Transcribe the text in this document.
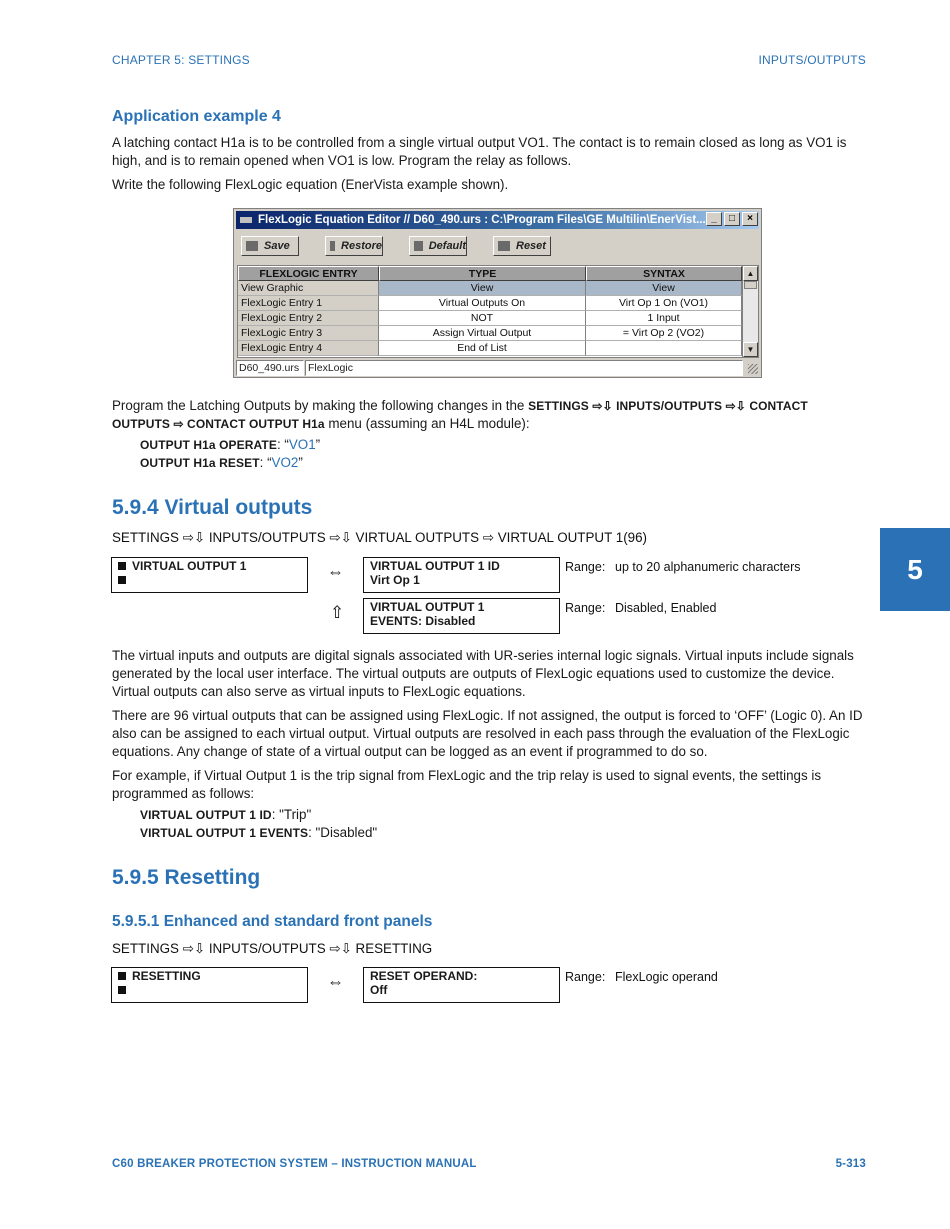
CHAPTER 5: SETTINGS	INPUTS/OUTPUTS
Application example 4
A latching contact H1a is to be controlled from a single virtual output VO1. The contact is to remain closed as long as VO1 is high, and is to remain opened when VO1 is low. Program the relay as follows.
Write the following FlexLogic equation (EnerVista example shown).
FlexLogic Equation Editor // D60_490.urs : C:\Program Files\GE Multilin\EnerVist... _	□	×
Save	Restore	Default	Reset
FLEXLOGIC ENTRY	TYPE	SYNTAX
View Graphic	View	View
FlexLogic Entry 1	Virtual Outputs On	Virt Op 1 On (VO1)
FlexLogic Entry 2	NOT	1 Input
FlexLogic Entry 3	Assign Virtual Output	= Virt Op 2 (VO2)
FlexLogic Entry 4	End of List
▲
▼
D60_490.urs FlexLogic
Program the Latching Outputs by making the following changes in the SETTINGS ⇨⇩ INPUTS/OUTPUTS ⇨⇩ CONTACT
OUTPUTS ⇨ CONTACT OUTPUT H1a menu (assuming an H4L module):
OUTPUT H1a OPERATE: “VO1”
OUTPUT H1a RESET: “VO2”
5.9.4 Virtual outputs
SETTINGS ⇨⇩ INPUTS/OUTPUTS ⇨⇩ VIRTUAL OUTPUTS ⇨ VIRTUAL OUTPUT 1(96)
VIRTUAL OUTPUT 1	⇔ VIRTUAL OUTPUT 1 ID
Virt Op 1
Range: up to 20 alphanumeric characters
⇧ VIRTUAL OUTPUT 1
EVENTS: Disabled
Range: Disabled, Enabled
The virtual inputs and outputs are digital signals associated with UR-series internal logic signals. Virtual inputs include signals generated by the local user interface. The virtual outputs are outputs of FlexLogic equations used to customize the device. Virtual outputs can also serve as virtual inputs to FlexLogic equations.
There are 96 virtual outputs that can be assigned using FlexLogic. If not assigned, the output is forced to ‘OFF’ (Logic 0). An ID also can be assigned to each virtual output. Virtual outputs are resolved in each pass through the evaluation of the FlexLogic equations. Any change of state of a virtual output can be logged as an event if programmed to do so.
For example, if Virtual Output 1 is the trip signal from FlexLogic and the trip relay is used to signal events, the settings is programmed as follows:
VIRTUAL OUTPUT 1 ID: "Trip"
VIRTUAL OUTPUT 1 EVENTS: "Disabled"
5.9.5 Resetting
5.9.5.1 Enhanced and standard front panels
SETTINGS ⇨⇩ INPUTS/OUTPUTS ⇨⇩ RESETTING
RESETTING	⇔ RESET OPERAND:
Off
Range: FlexLogic operand
5
C60 BREAKER PROTECTION SYSTEM – INSTRUCTION MANUAL	5-313
